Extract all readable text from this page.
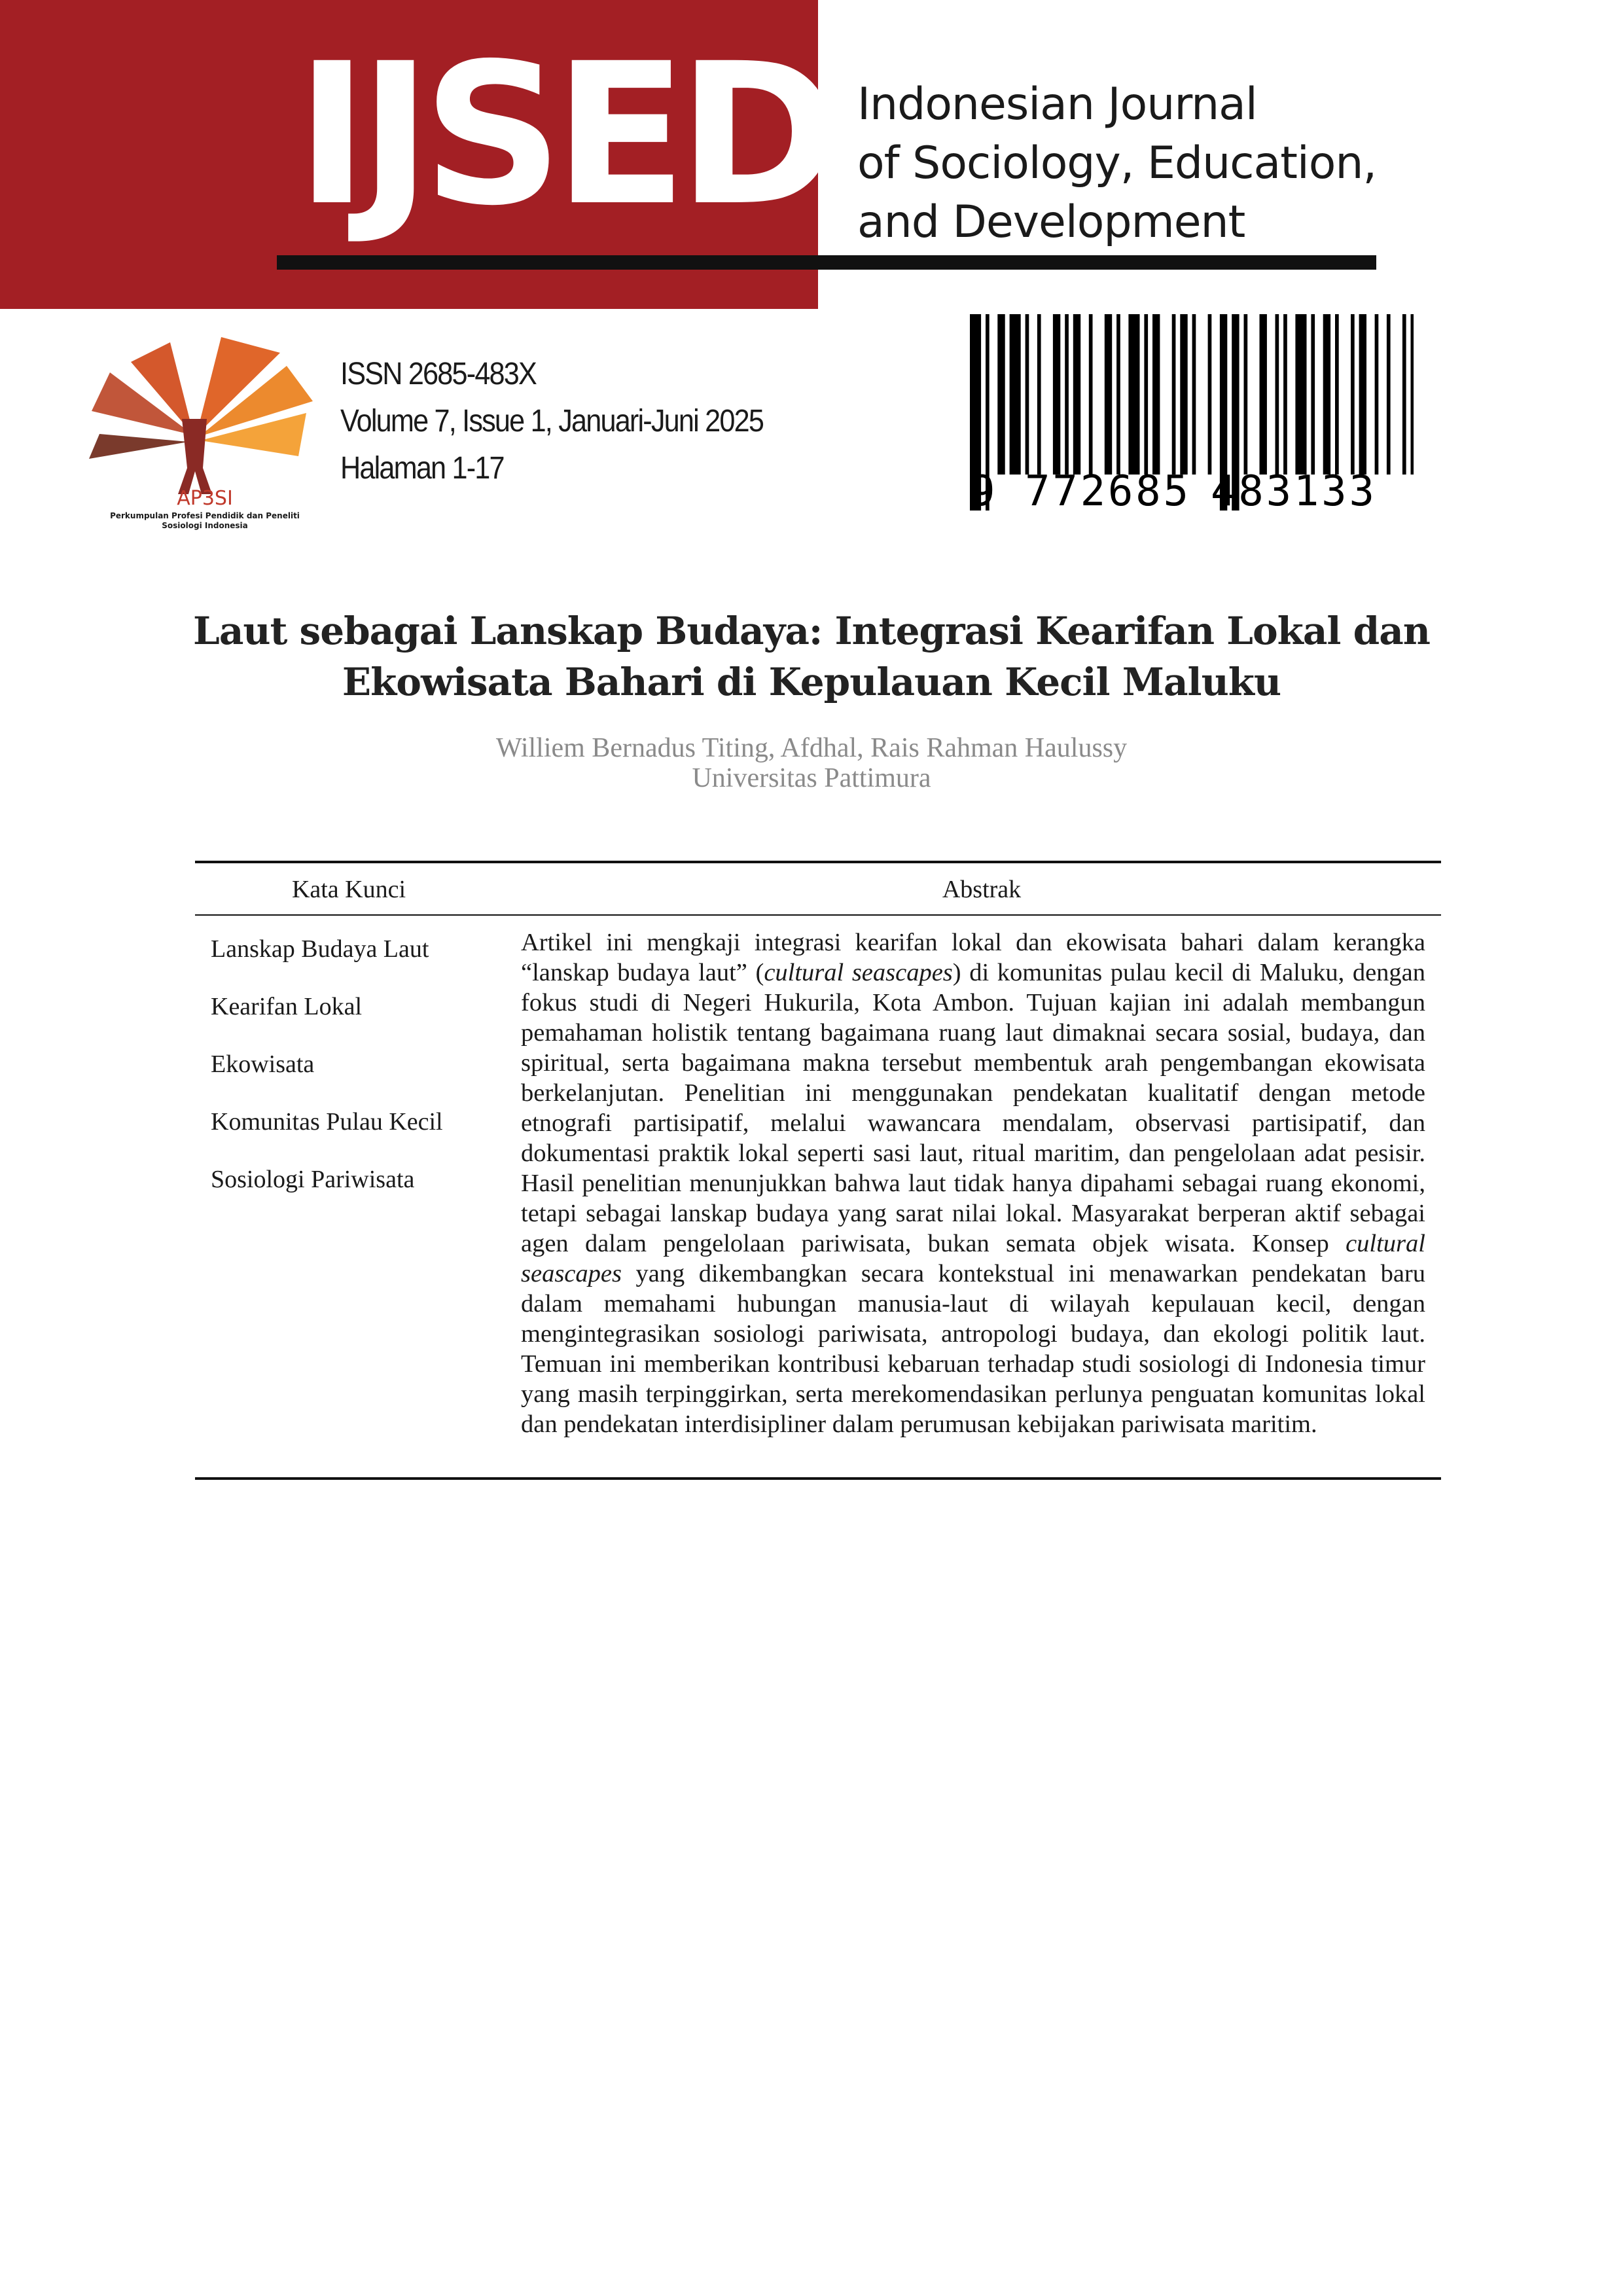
IJSED Indonesian Journal
of Sociology, Education,
and Development
AP3SI
Perkumpulan Profesi Pendidik dan Peneliti
Sosiologi Indonesia
ISSN 2685-483X
Volume 7, Issue 1, Januari-Juni 2025
Halaman 1-17	9 772685 483133
Laut sebagai Lanskap Budaya: Integrasi Kearifan Lokal dan
Ekowisata Bahari di Kepulauan Kecil Maluku
Williem Bernadus Titing, Afdhal, Rais Rahman Haulussy
Universitas Pattimura
Kata Kunci	Abstrak
Lanskap Budaya Laut
Kearifan Lokal
Ekowisata
Komunitas Pulau Kecil
Sosiologi Pariwisata
Artikel ini mengkaji integrasi kearifan lokal dan ekowisata bahari dalam kerangka “lanskap budaya laut” (cultural seascapes) di komunitas pulau kecil di Maluku, dengan fokus studi di Negeri Hukurila, Kota Ambon. Tujuan kajian ini adalah membangun pemahaman holistik tentang bagaimana ruang laut dimaknai secara sosial, budaya, dan spiritual, serta bagaimana makna tersebut membentuk arah pengembangan ekowisata berkelanjutan. Penelitian ini menggunakan pendekatan kualitatif dengan metode etnografi partisipatif, melalui wawancara mendalam, observasi partisipatif, dan dokumentasi praktik lokal seperti sasi laut, ritual maritim, dan pengelolaan adat pesisir. Hasil penelitian menunjukkan bahwa laut tidak hanya dipahami sebagai ruang ekonomi, tetapi sebagai lanskap budaya yang sarat nilai lokal. Masyarakat berperan aktif sebagai agen dalam pengelolaan pariwisata, bukan semata objek wisata. Konsep cultural seascapes yang dikembangkan secara kontekstual ini menawarkan pendekatan baru dalam memahami hubungan manusia-laut di wilayah kepulauan kecil, dengan mengintegrasikan sosiologi pariwisata, antropologi budaya, dan ekologi politik laut. Temuan ini memberikan kontribusi kebaruan terhadap studi sosiologi di Indonesia timur yang masih terpinggirkan, serta merekomendasikan perlunya penguatan komunitas lokal dan pendekatan interdisipliner dalam perumusan kebijakan pariwisata maritim.
